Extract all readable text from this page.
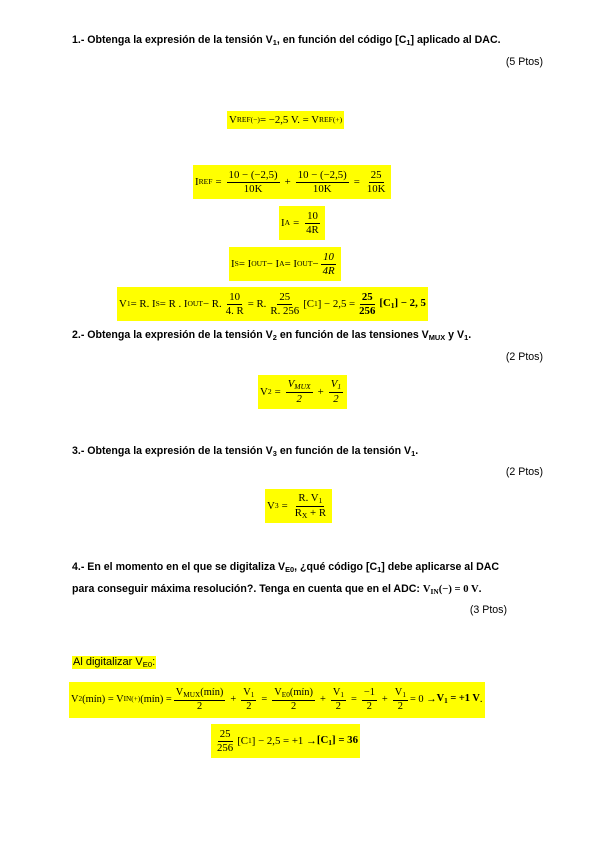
1.- Obtenga la expresión de la tensión $V_1$, en función del código $[C_1]$ aplicado al DAC.
(5 Ptos)
V REF(−) = −2,5 V. = V REF(+)
I REF = $\frac{10 - (-2,5)}{10K} + \frac{10 - (-2,5)}{10K} = \frac{25}{10K}$
I $A = \frac{10}{4R}$
I S = I OUT − I A = I OUT − $\frac{10}{4R}$
V 1 = R. I S = R . I OUT − R. $\frac{10}{4. R} = R$. $\frac{25}{R. 256} [C$ 1 ] − $2,5 = \frac{25}{256} [C_1] - 2$, 5
2.- Obtenga la expresión de la tensión $V_2$ en función de las tensiones $V_{MUX}$ y $V_1$.
(2 Ptos)
V $2 = \frac{V_{MUX}}{2} + \frac{V_1}{2}$
3.- Obtenga la expresión de la tensión $V_3$ en función de la tensión $V_1$.
(2 Ptos)
V $3 = \frac{R. V_1}{R_X + R}$
4.- En el momento en el que se digitaliza $V_{E0}$, ¿qué código $[C_1]$ debe aplicarse al DAC
para conseguir máxima resolución?. Tenga en cuenta que en el ADC: $V_{IN}(-) = 0$ V.
(3 Ptos)
Al digitalizar $V_{E0}$:
V 2 (mín) = V IN(+) (mín) = $\frac{V_{MUX}(mín)}{2} + \frac{V_1}{2} = \frac{V_{E0}(mín)}{2} + \frac{V_1}{2} = \frac{-1}{2} + \frac{V_1}{2} = 0 \to V_1 = +1$ V .
$\frac{25}{256} [C$ 1 ] − $2,5 = +1 \to [C_1] = 36$
